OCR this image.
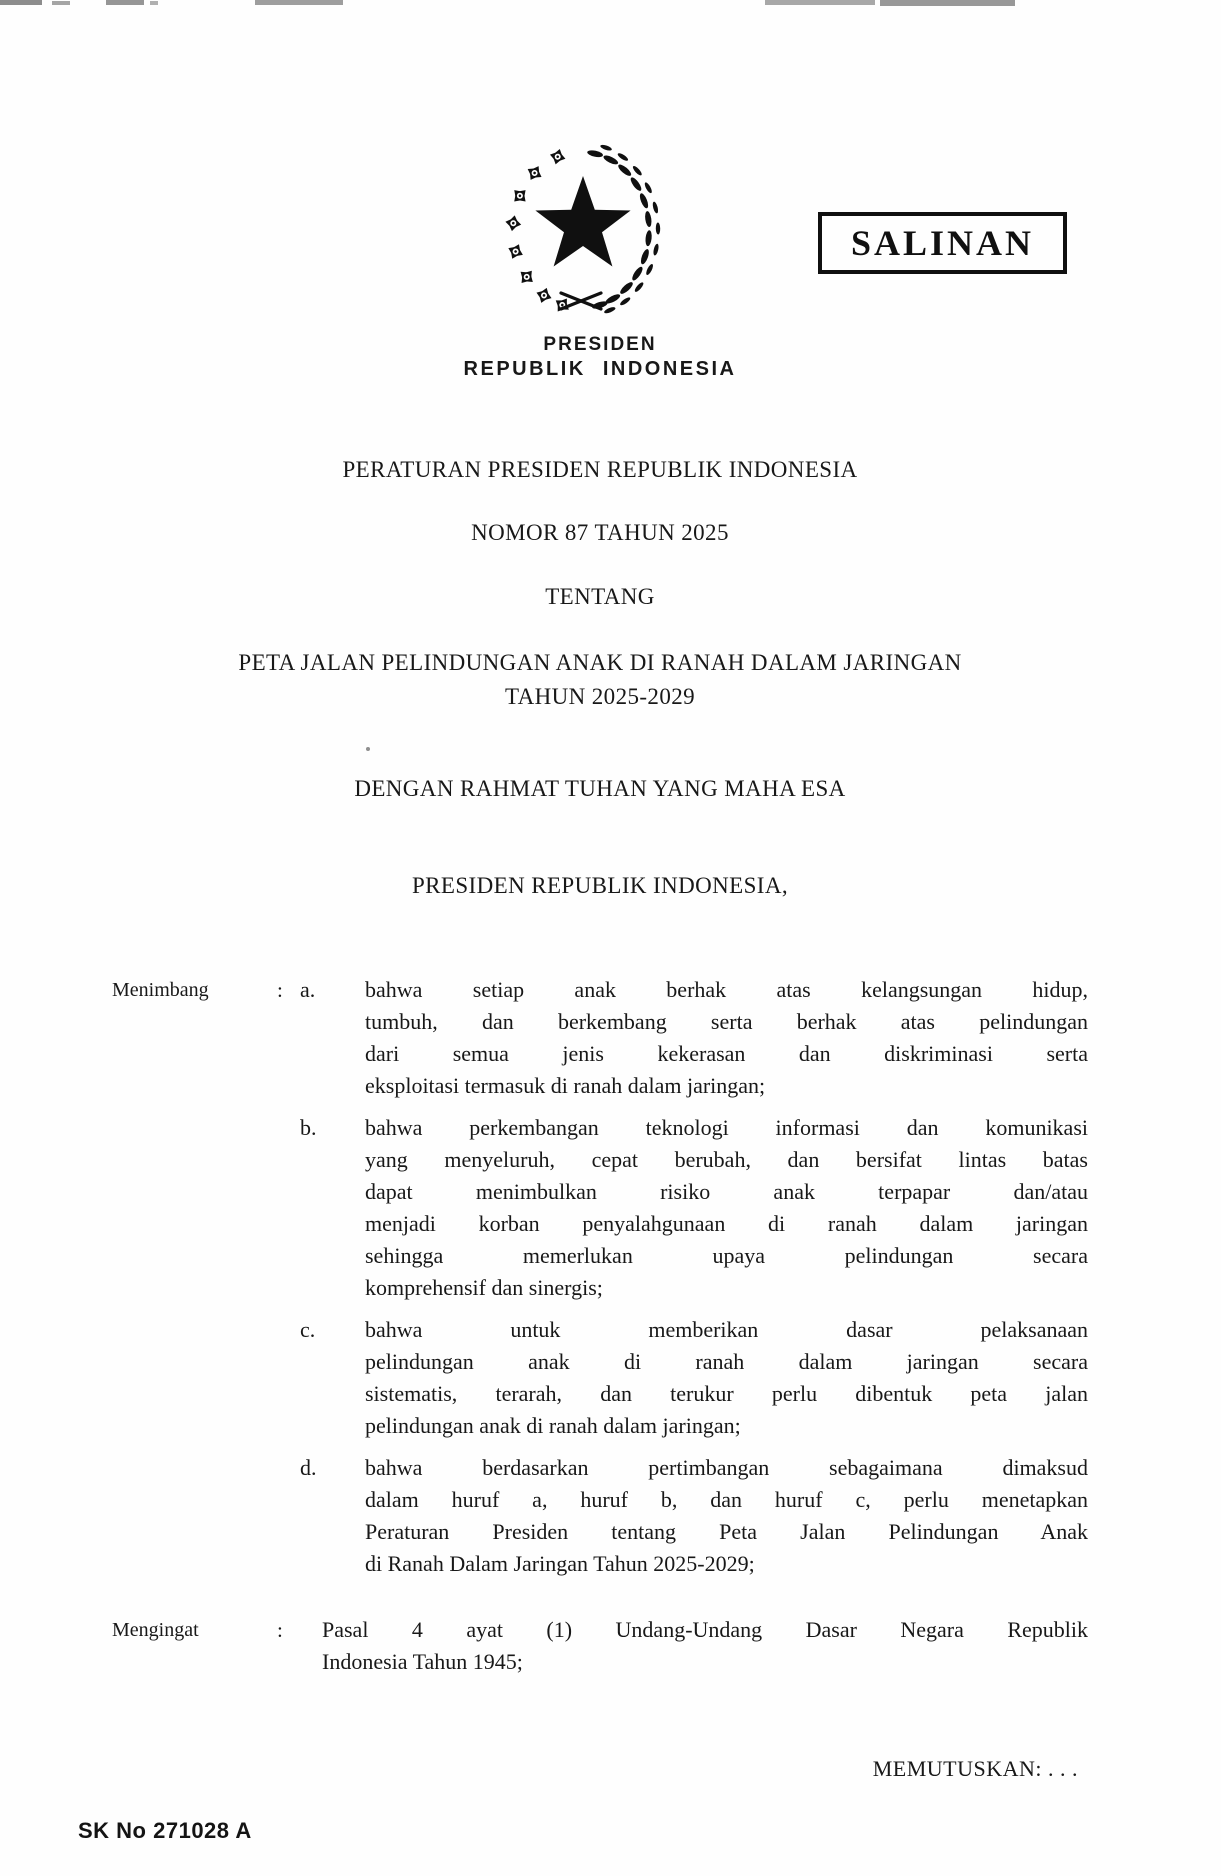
SALINAN
PRESIDEN
REPUBLIK INDONESIA
PERATURAN PRESIDEN REPUBLIK INDONESIA
NOMOR 87 TAHUN 2025
TENTANG
PETA JALAN PELINDUNGAN ANAK DI RANAH DALAM JARINGAN
TAHUN 2025-2029
DENGAN RAHMAT TUHAN YANG MAHA ESA
PRESIDEN REPUBLIK INDONESIA,
Menimbang	: a. bahwa setiap anak berhak atas kelangsungan hidup,
tumbuh, dan berkembang serta berhak atas pelindungan
dari semua jenis kekerasan dan diskriminasi serta
eksploitasi termasuk di ranah dalam jaringan;
b. bahwa perkembangan teknologi informasi dan komunikasi
yang menyeluruh, cepat berubah, dan bersifat lintas batas
dapat menimbulkan risiko anak terpapar dan/atau
menjadi korban penyalahgunaan di ranah dalam jaringan
sehingga memerlukan upaya pelindungan secara
komprehensif dan sinergis;
c. bahwa untuk memberikan dasar pelaksanaan
pelindungan anak di ranah dalam jaringan secara
sistematis, terarah, dan terukur perlu dibentuk peta jalan
pelindungan anak di ranah dalam jaringan;
d. bahwa berdasarkan pertimbangan sebagaimana dimaksud
dalam huruf a, huruf b, dan huruf c, perlu menetapkan
Peraturan Presiden tentang Peta Jalan Pelindungan Anak
di Ranah Dalam Jaringan Tahun 2025-2029;
Mengingat	: Pasal 4 ayat (1) Undang-Undang Dasar Negara Republik
Indonesia Tahun 1945;
MEMUTUSKAN: . . .
SK No 271028 A
